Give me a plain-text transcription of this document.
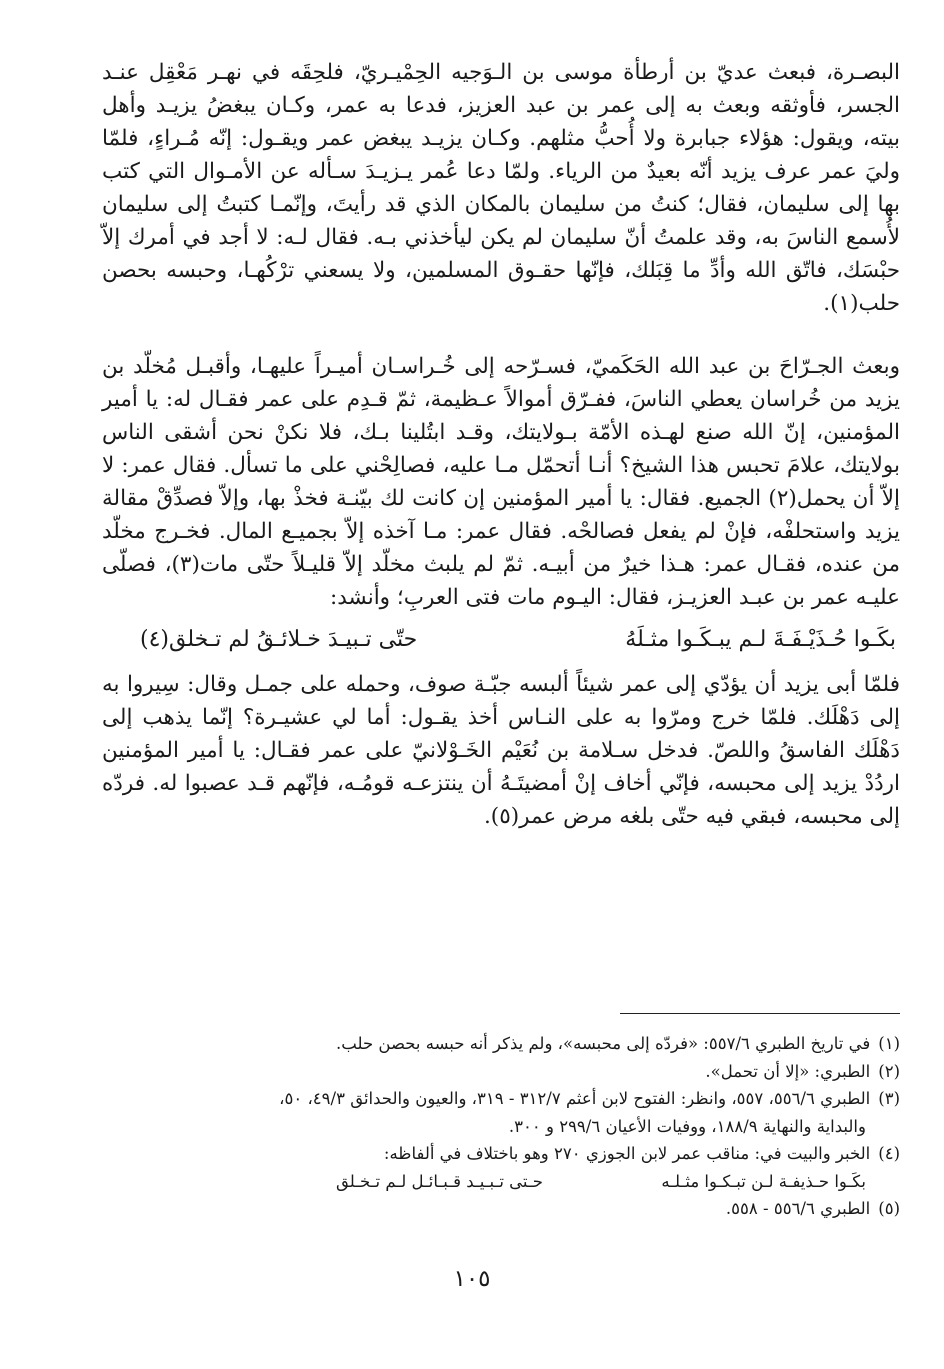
البصـرة، فبعث عديّ بن أرطأة موسى بن الـوَجيه الحِمْيـريّ، فلحِقَه في نهـر مَعْقِل عنـد الجسر، فأوثقه وبعث به إلى عمر بن عبد العزيز، فدعا به عمر، وكـان يبغضُ يزيـد وأهل بيته، ويقول: هؤلاء جبابرة ولا أُحبُّ مثلهم. وكـان يزيـد يبغض عمر ويقـول: إنّه مُـراءٍ، فلمّا وليَ عمر عرف يزيد أنّه بعيدٌ من الرياء. ولمّا دعا عُمر يـزيـدَ سـأله عن الأمـوال التي كتب بها إلى سليمان، فقال؛ كنتُ من سليمان بالمكان الذي قد رأيتَ، وإنّمـا كتبتُ إلى سليمان لأُسمع الناسَ به، وقد علمتُ أنّ سليمان لم يكن ليأخذني بـه. فقال لـه: لا أجد في أمرك إلاّ حبْسَك، فاتّق الله وأدِّ ما قِبَلك، فإنّها حقـوق المسلمين، ولا يسعني ترْكُهـا، وحبسه بحصن حلب(١).

وبعث الجـرّاحَ بن عبد الله الحَكَميّ، فسـرّحه إلى خُـراسـان أميـراً عليهـا، وأقبـل مُخلّد بن يزيد من خُراسان يعطي الناسَ، ففـرّق أموالاً عـظيمة، ثمّ قـدِم على عمر فقـال له: يا أمير المؤمنين، إنّ الله صنع لهـذه الأمّة بـولايتك، وقـد ابتُلينا بـك، فلا نكنْ نحن أشقى الناس بولايتك، علامَ تحبس هذا الشيخ؟ أنـا أتحمّل مـا عليه، فصالِحْني على ما تسأل. فقال عمر: لا إلاّ أن يحمل(٢) الجميع. فقال: يا أمير المؤمنين إن كانت لك بيّنـة فخذْ بها، وإلاّ فصدِّقْ مقالة يزيد واستحلفْه، فإنْ لم يفعل فصالحْه. فقال عمر: مـا آخذه إلاّ بجميـع المال. فخـرج مخلّد من عنده، فقـال عمر: هـذا خيرٌ من أبيـه. ثمّ لم يلبث مخلّد إلاّ قليـلاً حتّى مات(٣)، فصلّى عليـه عمر بن عبـد العزيـز، فقال: اليـوم مات فتى العربِ؛ وأنشد:

بكَـوا حُـذَيْـفَـةَ لـم يبـكَـوا مثـلَهُ
حتّى تـبيـدَ خـلائـقُ لم تـخلق(٤)

فلمّا أبى يزيد أن يؤدّي إلى عمر شيئاً ألبسه جبّـة صوف، وحمله على جمـل وقال: سِيروا به إلى دَهْلَك. فلمّا خرج ومرّوا به على النـاس أخذ يقـول: أما لي عشيـرة؟ إنّما يذهب إلى دَهْلَك الفاسقُ واللصّ. فدخل سـلامة بن نُعَيْم الخَـوْلانيّ على عمر فقـال: يا أمير المؤمنين اردُدْ يزيد إلى محبسه، فإنّي أخاف إنْ أمضيتَـهُ أن ينتزعـه قومُـه، فإنّهم قـد عصبوا له. فردّه إلى محبسه، فبقي فيه حتّى بلغه مرض عمر(٥).

(١)في تاريخ الطبري ٥٥٧/٦: «فردّه إلى محبسه»، ولم يذكر أنه حبسه بحصن حلب.

(٢)الطبري: «إلا أن تحمل».

(٣)الطبري ٥٥٦/٦، ٥٥٧، وانظر: الفتوح لابن أعثم ٣١٢/٧ - ٣١٩، والعيون والحدائق ٤٩/٣، ٥٠،

والبداية والنهاية ١٨٨/٩، ووفيات الأعيان ٢٩٩/٦ و ٣٠٠.

(٤)الخبر والبيت في: مناقب عمر لابن الجوزي ٢٧٠ وهو باختلاف في ألفاظه:

بكَـوا حـذيفـة لـن تبـكـوا مثـلـه
حـتى تـبـيـد قـبـائـل لـم تـخـلق

(٥)الطبري ٥٥٦/٦ - ٥٥٨.

١٠٥
